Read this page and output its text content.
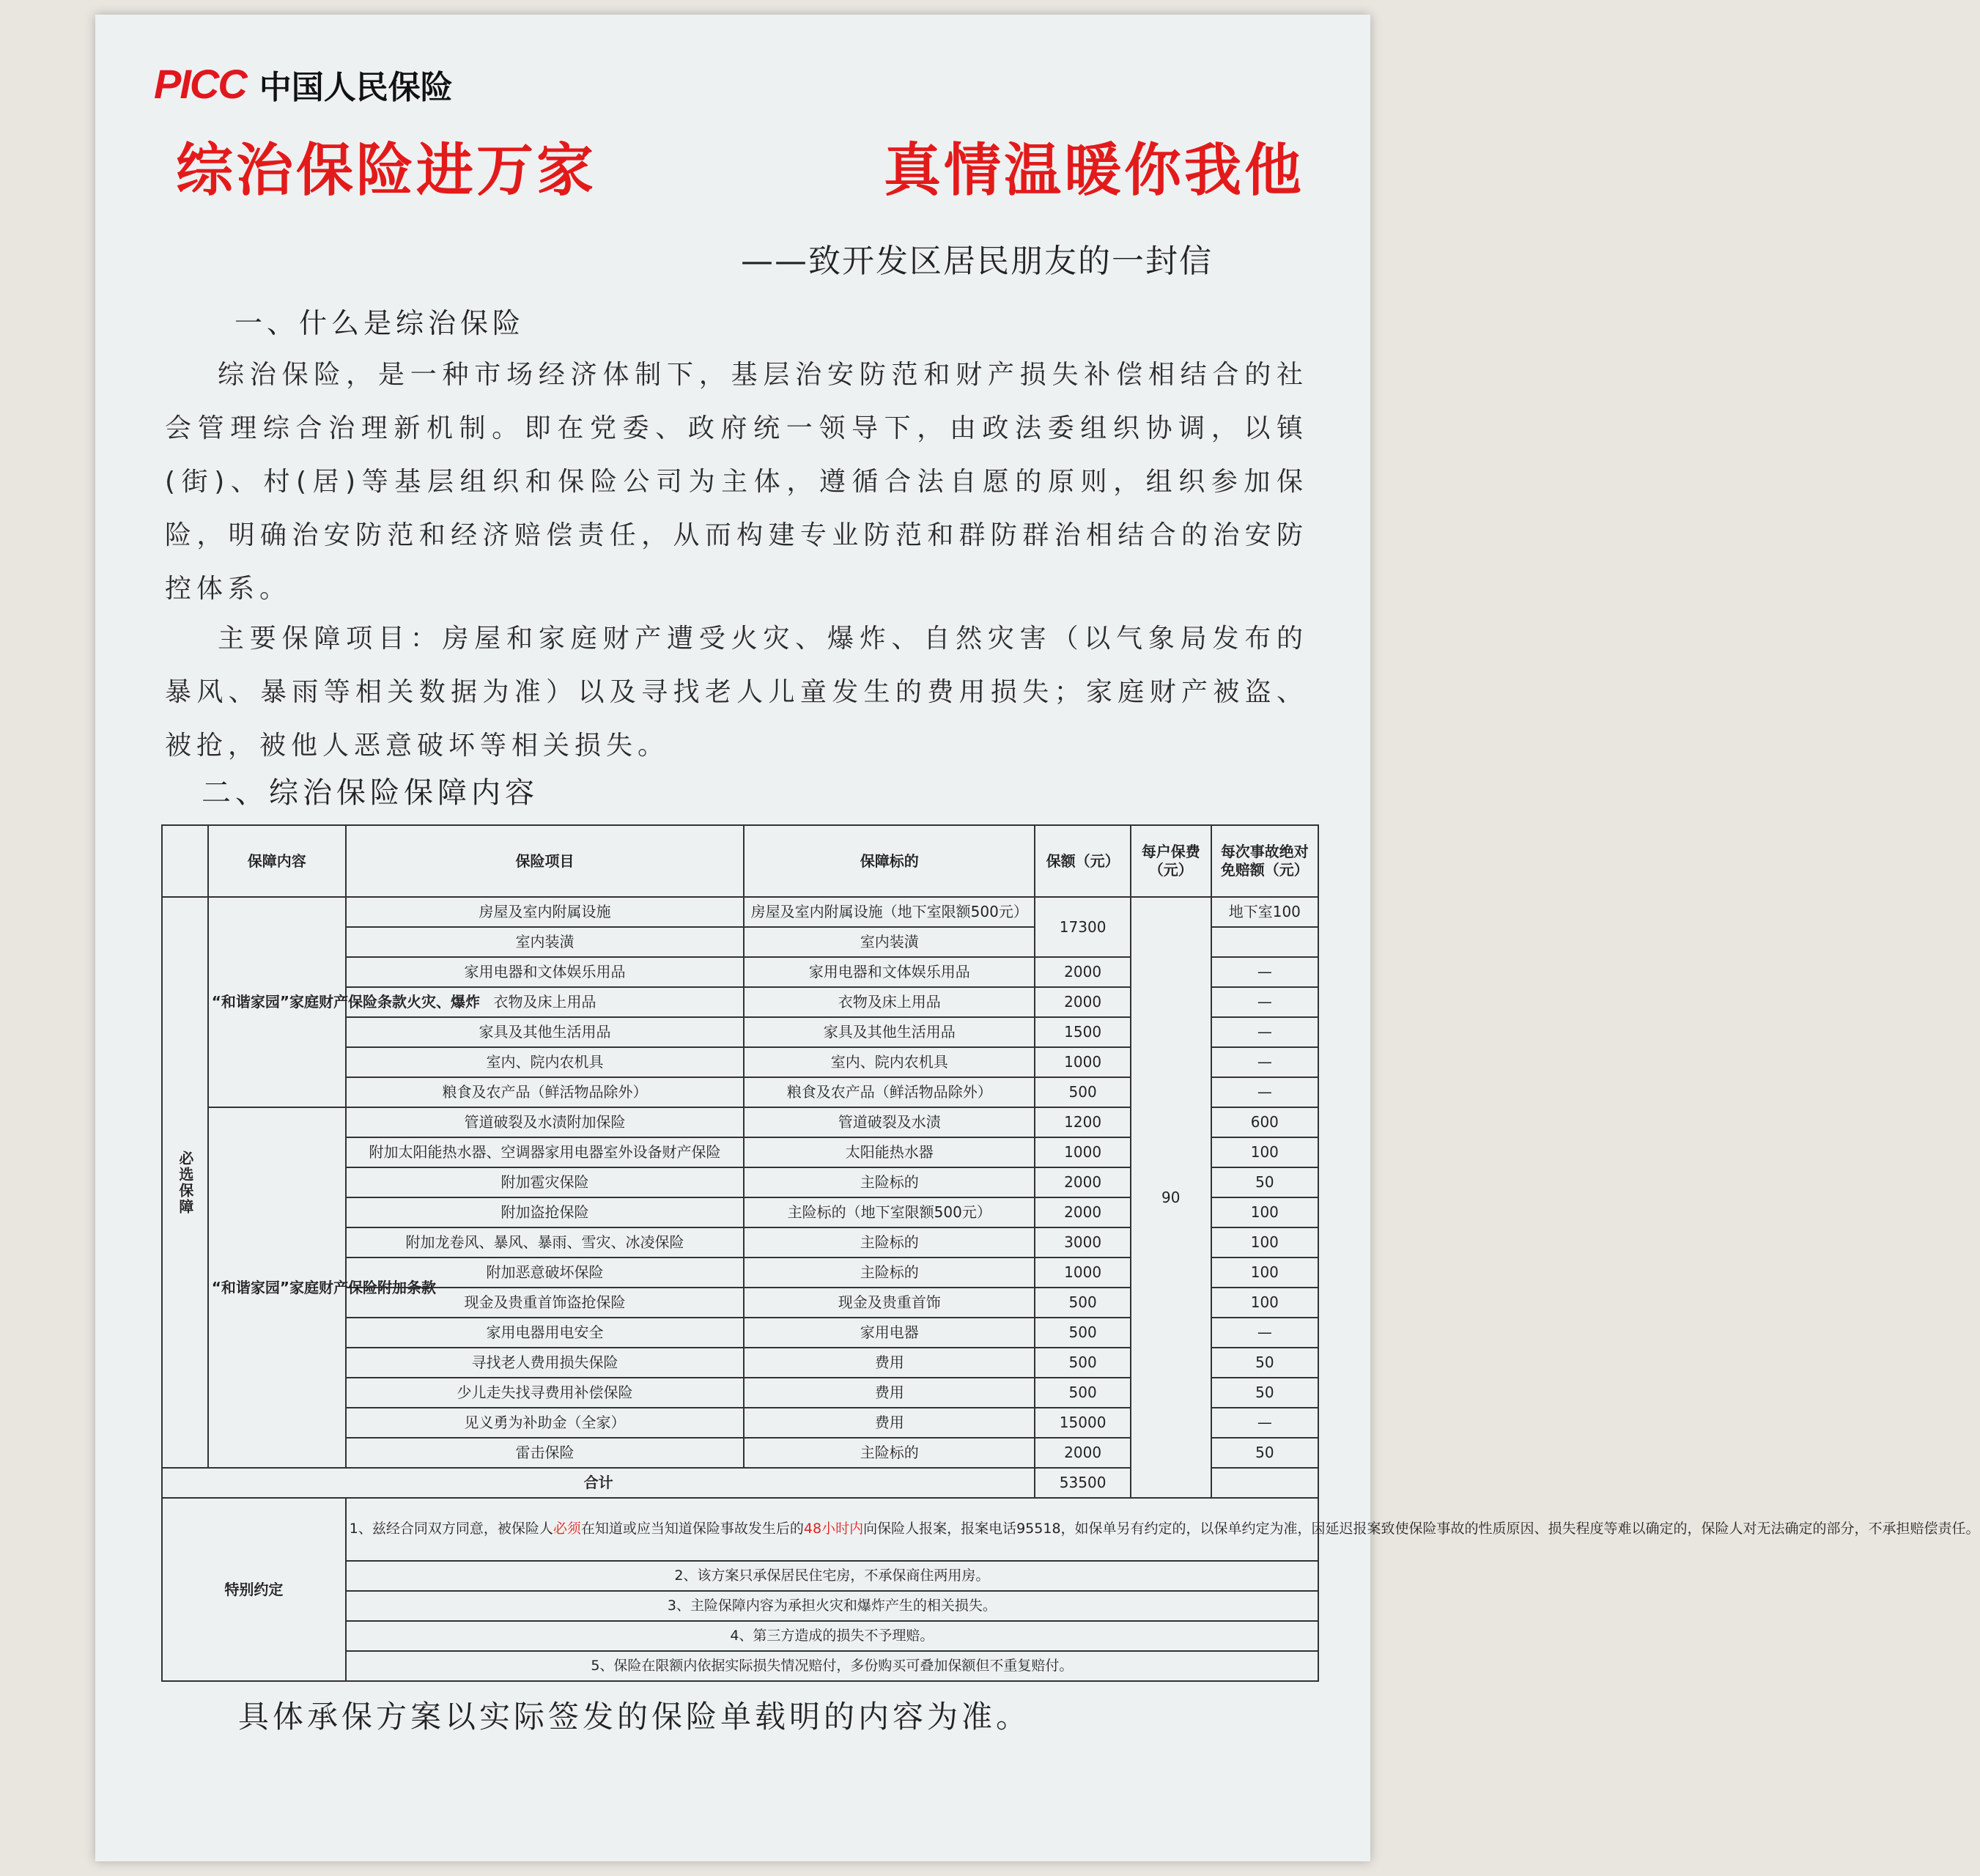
PICC 中国人民保险
综治保险进万家	真情温暖你我他
——致开发区居民朋友的一封信
一、什么是综治保险
综治保险，是一种市场经济体制下，基层治安防范和财产损失补偿相结合的社会管理综合治理新机制。即在党委、政府统一领导下，由政法委组织协调，以镇(街)、村(居)等基层组织和保险公司为主体，遵循合法自愿的原则，组织参加保险，明确治安防范和经济赔偿责任，从而构建专业防范和群防群治相结合的治安防控体系。
主要保障项目：房屋和家庭财产遭受火灾、爆炸、自然灾害（以气象局发布的暴风、暴雨等相关数据为准）以及寻找老人儿童发生的费用损失；家庭财产被盗、被抢，被他人恶意破坏等相关损失。
二、综治保险保障内容
	保障内容	保险项目	保障标的	保额（元）	每户保费（元）	每次事故绝对免赔额（元）
必选保障	“和谐家园”家庭财产保险条款火灾、爆炸	房屋及室内附属设施	房屋及室内附属设施（地下室限额500元）	17300	90	地下室100
		室内装潢	室内装潢			
		家用电器和文体娱乐用品	家用电器和文体娱乐用品	2000		—
		衣物及床上用品	衣物及床上用品	2000		—
		家具及其他生活用品	家具及其他生活用品	1500		—
		室内、院内农机具	室内、院内农机具	1000		—
		粮食及农产品（鲜活物品除外）	粮食及农产品（鲜活物品除外）	500		—
	“和谐家园”家庭财产保险附加条款	管道破裂及水渍附加保险	管道破裂及水渍	1200		600
		附加太阳能热水器、空调器家用电器室外设备财产保险	太阳能热水器	1000		100
		附加雹灾保险	主险标的	2000		50
		附加盗抢保险	主险标的（地下室限额500元）	2000		100
		附加龙卷风、暴风、暴雨、雪灾、冰凌保险	主险标的	3000		100
		附加恶意破坏保险	主险标的	1000		100
		现金及贵重首饰盗抢保险	现金及贵重首饰	500		100
		家用电器用电安全	家用电器	500		—
		寻找老人费用损失保险	费用	500		50
		少儿走失找寻费用补偿保险	费用	500		50
		见义勇为补助金（全家）	费用	15000		—
		雷击保险	主险标的	2000		50
合计				53500		
特别约定		1、兹经合同双方同意，被保险人必须在知道或应当知道保险事故发生后的48小时内向保险人报案，报案电话95518，如保单另有约定的，以保单约定为准，因延迟报案致使保险事故的性质原因、损失程度等难以确定的，保险人对无法确定的部分，不承担赔偿责任。				
		2、该方案只承保居民住宅房，不承保商住两用房。				
		3、主险保障内容为承担火灾和爆炸产生的相关损失。				
		4、第三方造成的损失不予理赔。				
		5、保险在限额内依据实际损失情况赔付，多份购买可叠加保额但不重复赔付。				
具体承保方案以实际签发的保险单载明的内容为准。
